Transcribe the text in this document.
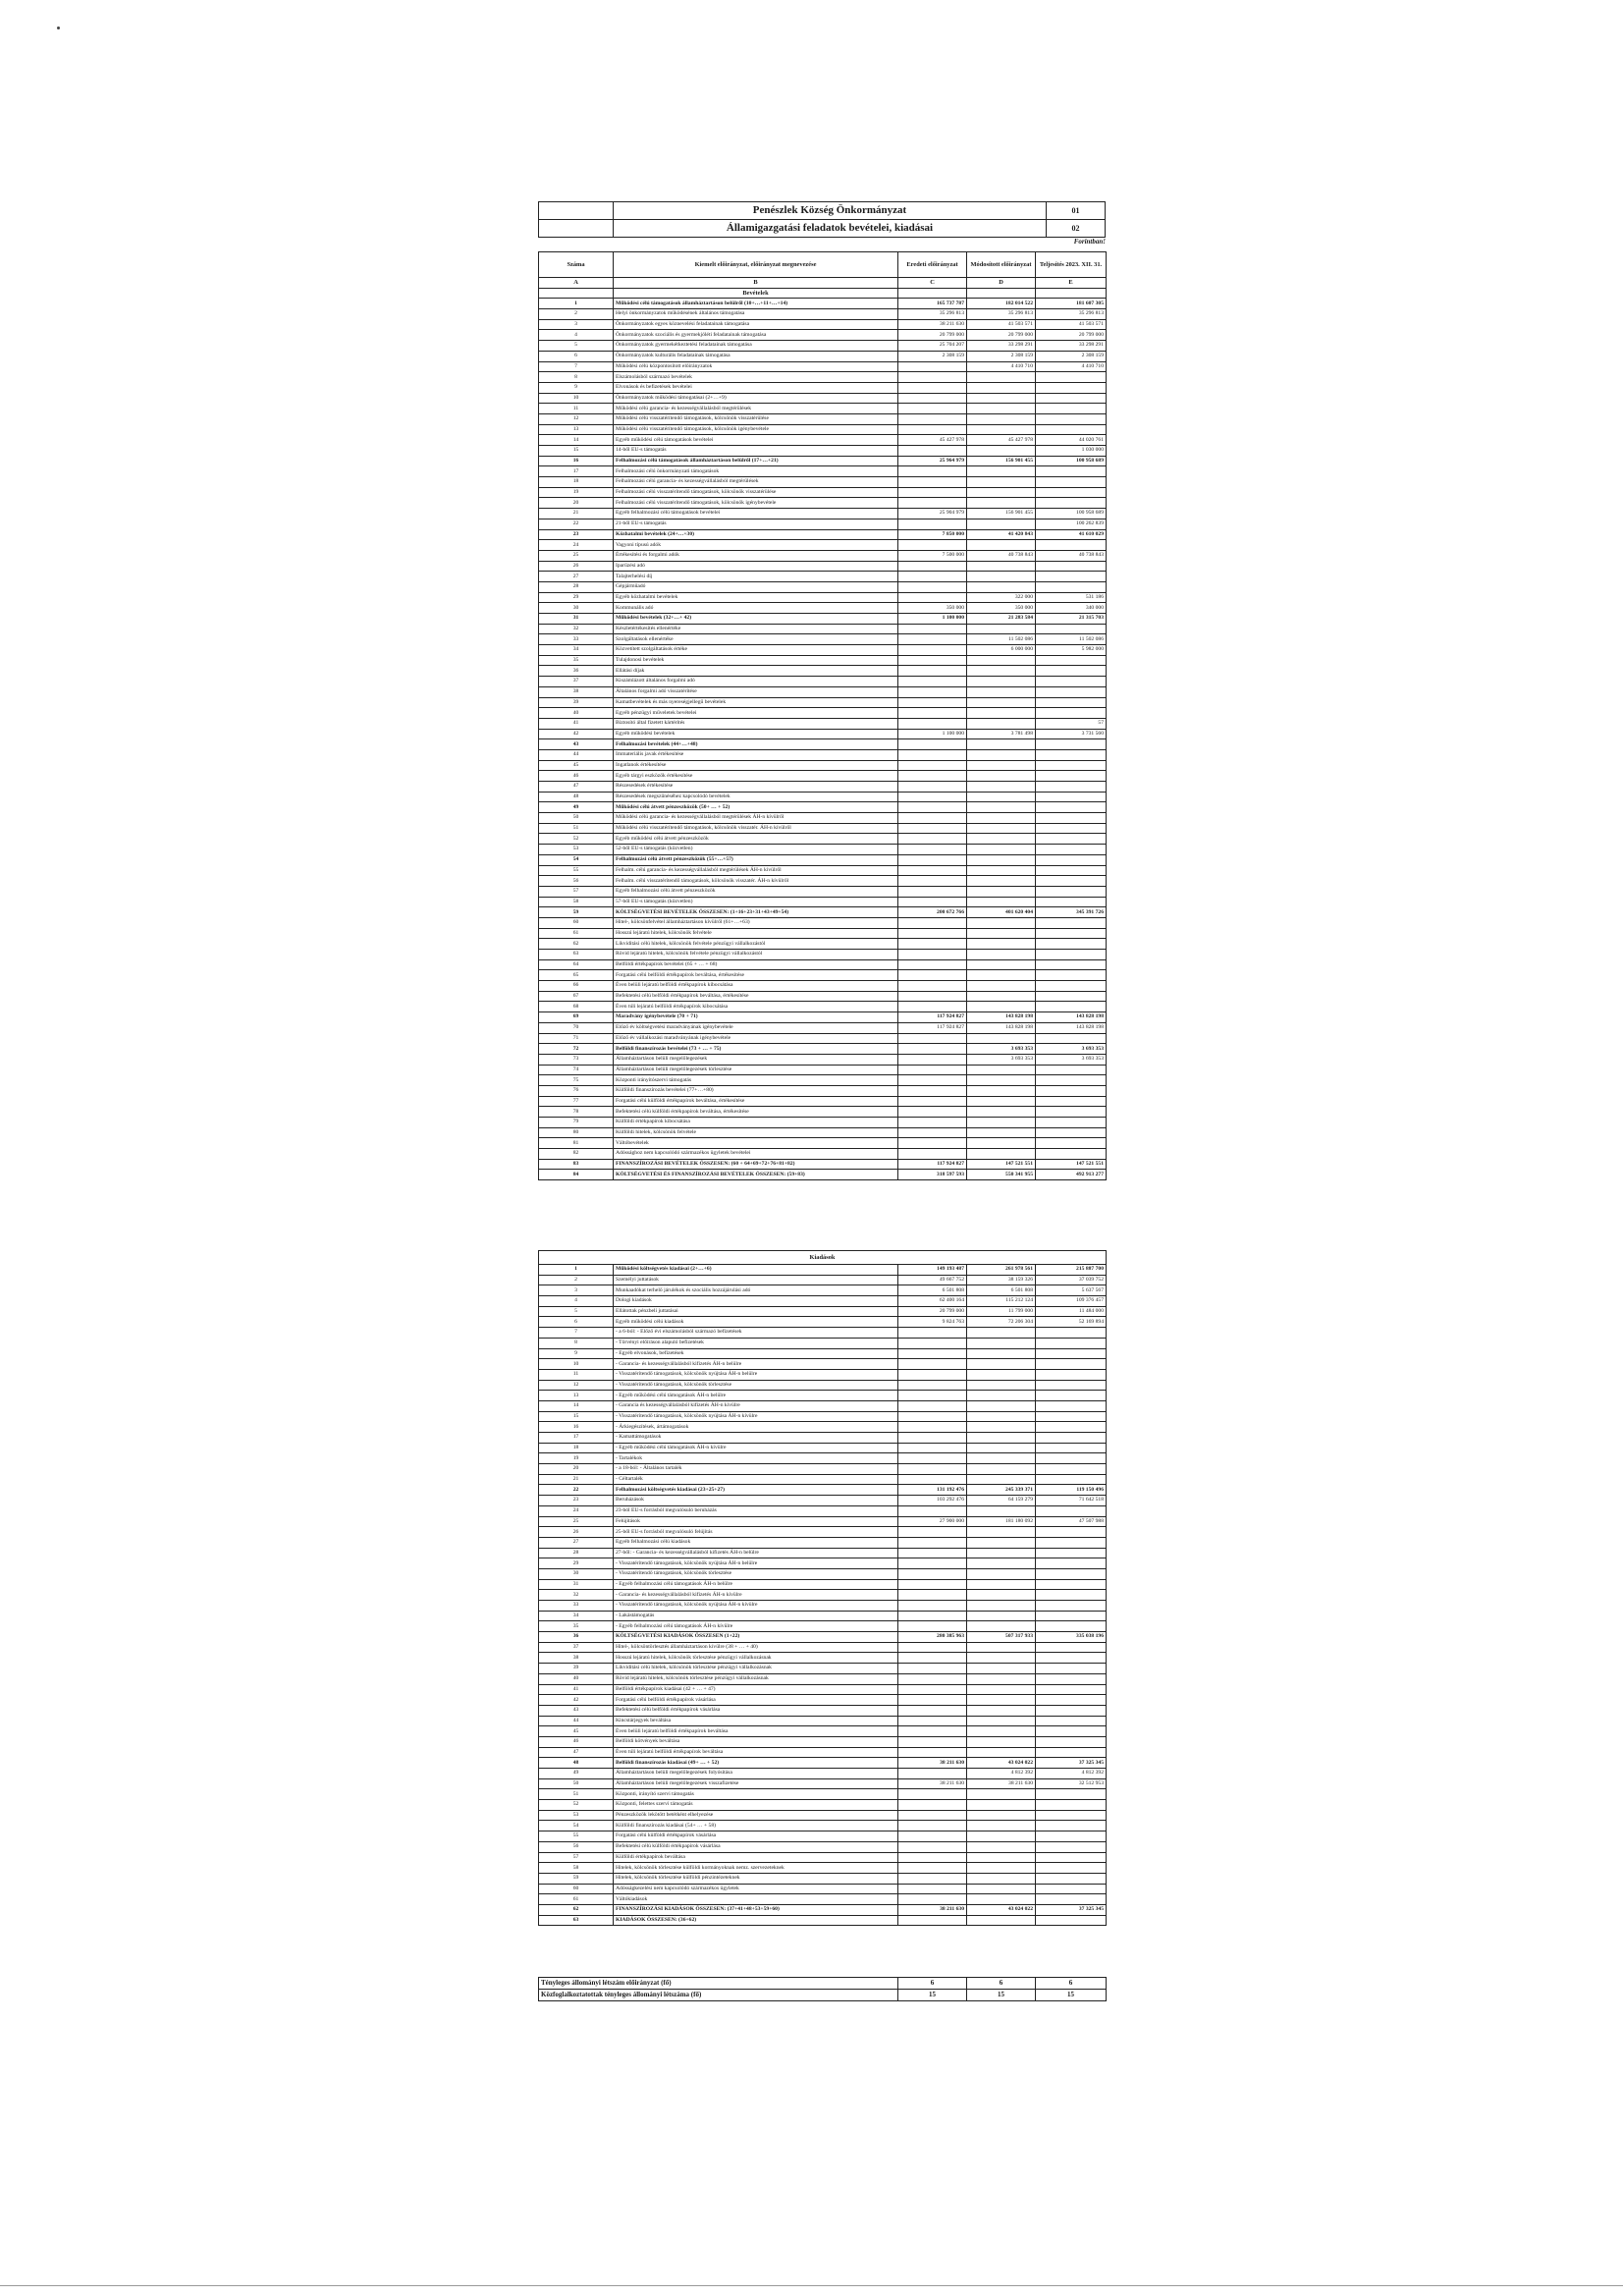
	Penészlek Község Önkormányzat	01
	Államigazgatási feladatok bevételei, kiadásai	02
Forintban!
Száma	Kiemelt előirányzat, előirányzat megnevezése	Eredeti előirányzat	Módosított előirányzat	Teljesítés 2023. XII. 31.
A	B	C	D	E
	Bevételek			
1	Működési célú támogatások államháztartáson belülről (10+…+11+…+14)	165 737 787	182 014 522	181 607 305
2	Helyi önkormányzatok működésének általános támogatása	35 296 813	35 296 813	35 296 813
3	Önkormányzatok egyes köznevelési feladatainak támogatása	38 211 630	41 503 571	41 503 571
4	Önkormányzatok szociális és gyermekjóléti feladatainak támogatása	20 799 000	20 799 000	20 799 000
5	Önkormányzatok gyermekétkeztetési feladatainak támogatása	25 704 207	33 298 291	33 298 291
6	Önkormányzatok kulturális feladatainak támogatása	2 308 159	2 308 159	2 308 159
7	Működési célú központosított előirányzatok		4 410 710	4 410 710
8	Elszámolásból származó bevételek			
9	Elvonások és befizetések bevételei			
10	Önkormányzatok működési támogatásai (2+…+9)			
11	Működési célú garancia- és kezességvállalásból megtérülések			
12	Működési célú visszatérítendő támogatások, kölcsönök visszatérülése			
13	Működési célú visszatérítendő támogatások, kölcsönök igénybevétele			
14	Egyéb működési célú támogatások bevételei	45 427 978	45 427 978	44 020 761
15	14-ből EU-s támogatás			1 030 000
16	Felhalmozási célú támogatások államháztartáson belülről (17+…+21)	25 964 979	156 901 455	100 958 689
17	Felhalmozási célú önkormányzati támogatások			
18	Felhalmozási célú garancia- és kezességvállalásból megtérülések			
19	Felhalmozási célú visszatérítendő támogatások, kölcsönök visszatérülése			
20	Felhalmozási célú visszatérítendő támogatások, kölcsönök igénybevétele			
21	Egyéb felhalmozási célú támogatások bevételei	25 904 979	156 901 455	100 958 689
22	21-ből EU-s támogatás			100 262 839
23	Közhatalmi bevételek (24+…+30)	7 850 000	41 420 843	41 610 029
24	Vagyoni típusú adók			
25	Értékesítési és forgalmi adók	7 500 000	40 738 843	40 738 843
26	Iparűzési adó			
27	Talajterhelési díj			
28	Gépjárműadó			
29	Egyéb közhatalmi bevételek		322 000	531 186
30	Kommunális adó	350 000	350 000	340 000
31	Működési bevételek (32+…+ 42)	1 100 000	21 283 584	21 315 703
32	Készletértékesítés ellenértéke			
33	Szolgáltatások ellenértéke		11 502 086	11 502 086
34	Közvetített szolgáltatások értéke		6 000 000	5 982 000
35	Tulajdonosi bevételek			
36	Ellátási díjak			
37	Kiszámlázott általános forgalmi adó			
38	Általános forgalmi adó visszatérítése			
39	Kamatbevételek és más nyereségjellegű bevételek			
40	Egyéb pénzügyi műveletek bevételei			
41	Biztosító által fizetett kártérítés			57
42	Egyéb működési bevételek	1 100 000	3 781 498	3 731 560
43	Felhalmozási bevételek (44+…+48)			
44	Immateriális javak értékesítése			
45	Ingatlanok értékesítése			
46	Egyéb tárgyi eszközök értékesítése			
47	Részesedések értékesítése			
48	Részesedések megszűnéséhez kapcsolódó bevételek			
49	Működési célú átvett pénzeszközök (50+ … + 52)			
50	Működési célú garancia- és kezességvállalásból megtérülések ÁH-n kívülről			
51	Működési célú visszatérítendő támogatások, kölcsönök visszatér. ÁH-n kívülről			
52	Egyéb működési célú átvett pénzeszközök			
53	52-ből EU-s támogatás (közvetlen)			
54	Felhalmozási célú átvett pénzeszközök (55+…+57)			
55	Felhalm. célú garancia- és kezességvállalásból megtérülések ÁH-n kívülről			
56	Felhalm. célú visszatérítendő támogatások, kölcsönök visszatér. ÁH-n kívülről			
57	Egyéb felhalmozási célú átvett pénzeszközök			
58	57-ből EU-s támogatás (közvetlen)			
59	KÖLTSÉGVETÉSI BEVÉTELEK ÖSSZESEN: (1+16+23+31+43+49+54)	200 672 766	401 620 404	345 391 726
60	Hitel-, kölcsönfelvétel államháztartáson kívülről (61+…+63)			
61	Hosszú lejáratú hitelek, kölcsönök felvétele			
62	Likviditási célú hitelek, kölcsönök felvétele pénzügyi vállalkozástól			
63	Rövid lejáratú hitelek, kölcsönök felvétele pénzügyi vállalkozástól			
64	Belföldi értékpapírok bevételei (65 + … + 68)			
65	Forgatási célú belföldi értékpapírok beváltása, értékesítése			
66	Éven belüli lejáratú belföldi értékpapírok kibocsátása			
67	Befektetési célú belföldi értékpapírok beváltása, értékesítése			
68	Éven túli lejáratú belföldi értékpapírok kibocsátása			
69	Maradvány igénybevétele (70 + 71)	117 924 827	143 828 198	143 828 198
70	Előző év költségvetési maradványának igénybevétele	117 924 827	143 828 198	143 828 198
71	Előző év vállalkozási maradványának igénybevétele			
72	Belföldi finanszírozás bevételei (73 + … + 75)		3 693 353	3 693 353
73	Államháztartáson belüli megelőlegezések		3 693 353	3 693 353
74	Államháztartáson belüli megelőlegezések törlesztése			
75	Központi irányítószervi támogatás			
76	Külföldi finanszírozás bevételei (77+…+80)			
77	Forgatási célú külföldi értékpapírok beváltása, értékesítése			
78	Befektetési célú külföldi értékpapírok beváltása, értékesítése			
79	Külföldi értékpapírok kibocsátása			
80	Külföldi hitelek, kölcsönök felvétele			
81	Váltóbevételek			
82	Adóssághoz nem kapcsolódó származékos ügyletek bevételei			
83	FINANSZÍROZÁSI BEVÉTELEK ÖSSZESEN: (60 + 64+69+72+76+81+82)	117 924 827	147 521 551	147 521 551
84	KÖLTSÉGVETÉSI ÉS FINANSZÍROZÁSI BEVÉTELEK ÖSSZESEN: (59+83)	318 597 593	550 341 955	492 913 277
Kiadások				
1	Működési költségvetés kiadásai (2+…+6)	149 193 487	261 978 561	215 887 700
2	Személyi juttatások	49 667 752	38 159 326	37 039 752
3	Munkaadókat terhelő járulékok és szociális hozzájárulási adó	6 501 808	6 501 808	5 637 567
4	Dologi kiadások	62 400 164	115 212 124	109 376 457
5	Ellátottak pénzbeli juttatásai	20 799 000	11 799 000	11 484 000
6	Egyéb működési célú kiadások	9 824 763	72 206 304	52 169 894
7	- a 6-ból: - Előző évi elszámolásból származó befizetések			
8	- Törvényi előíráson alapuló befizetések			
9	- Egyéb elvonások, befizetések			
10	- Garancia- és kezességvállalásból kifizetés ÁH-n belülre			
11	- Visszatérítendő támogatások, kölcsönök nyújtása ÁH-n belülre			
12	- Visszatérítendő támogatások, kölcsönök törlesztése			
13	- Egyéb működési célú támogatások ÁH-n belülre			
14	- Garancia és kezességvállalásból kifizetés ÁH-n kívülre			
15	- Visszatérítendő támogatások, kölcsönök nyújtása ÁH-n kívülre			
16	- Árkiegészítések, ártámogatások			
17	- Kamattámogatások			
18	- Egyéb működési célú támogatások ÁH-n kívülre			
19	- Tartalékok			
20	- a 18-ból: - Általános tartalék			
21	- Céltartalék			
22	Felhalmozási költségvetés kiadásai (23+25+27)	131 192 476	245 339 371	119 150 496
23	Beruházások	103 292 476	64 159 279	71 642 518
24	23-ból EU-s forrásból megvalósuló beruházás			
25	Felújítások	27 900 000	181 180 092	47 507 988
26	25-ből EU-s forrásból megvalósuló felújítás			
27	Egyéb felhalmozási célú kiadások			
28	27-ből: - Garancia- és kezességvállalásból kifizetés ÁH-n belülre			
29	- Visszatérítendő támogatások, kölcsönök nyújtása ÁH-n belülre			
30	- Visszatérítendő támogatások, kölcsönök törlesztése			
31	- Egyéb felhalmozási célú támogatások ÁH-n belülre			
32	- Garancia- és kezességvállalásból kifizetés ÁH-n kívülre			
33	- Visszatérítendő támogatások, kölcsönök nyújtása ÁH-n kívülre			
34	- Lakástámogatás			
35	- Egyéb felhalmozási célú támogatások ÁH-n kívülre			
36	KÖLTSÉGVETÉSI KIADÁSOK ÖSSZESEN (1+22)	280 385 963	507 317 933	335 038 196
37	Hitel-, kölcsöntörlesztés államháztartáson kívülre (38 + … + 40)			
38	Hosszú lejáratú hitelek, kölcsönök törlesztése pénzügyi vállalkozásnak			
39	Likviditási célú hitelek, kölcsönök törlesztése pénzügyi vállalkozásnak			
40	Rövid lejáratú hitelek, kölcsönök törlesztése pénzügyi vállalkozásnak			
41	Belföldi értékpapírok kiadásai (42 + … + 47)			
42	Forgatási célú belföldi értékpapírok vásárlása			
43	Befektetési célú belföldi értékpapírok vásárlása			
44	Kincstárjegyek beváltása			
45	Éven belüli lejáratú belföldi értékpapírok beváltása			
46	Belföldi kötvények beváltása			
47	Éven túli lejáratú belföldi értékpapírok beváltása			
48	Belföldi finanszírozás kiadásai (49+ … + 52)	38 211 630	43 024 022	37 325 345
49	Államháztartáson belüli megelőlegezések folyósítása		4 812 392	4 812 392
50	Államháztartáson belüli megelőlegezések visszafizetése	38 211 630	38 211 630	32 512 953
51	Központi, irányító szervi támogatás			
52	Központi, felettes szervi támogatás			
53	Pénzeszközök lekötött betétként elhelyezése			
54	Külföldi finanszírozás kiadásai (54+ … + 58)			
55	Forgatási célú külföldi értékpapírok vásárlása			
56	Befektetési célú külföldi értékpapírok vásárlása			
57	Külföldi értékpapírok beváltása			
58	Hitelek, kölcsönök törlesztése külföldi kormányoknak nemz. szervezeteknek			
59	Hitelek, kölcsönök törlesztése külföldi pénzintézeteknek			
60	Adósságkezelési nem kapcsolódó származékos ügyletek			
61	Váltókiadások			
62	FINANSZÍROZÁSI KIADÁSOK ÖSSZESEN: (37+41+48+53+59+60)	38 211 630	43 024 022	37 325 345
63	KIADÁSOK ÖSSZESEN: (36+62)			
Tényleges állományi létszám előirányzat (fő)	6	6	6
Közfoglalkoztatottak tényleges állományi létszáma (fő)	15	15	15
